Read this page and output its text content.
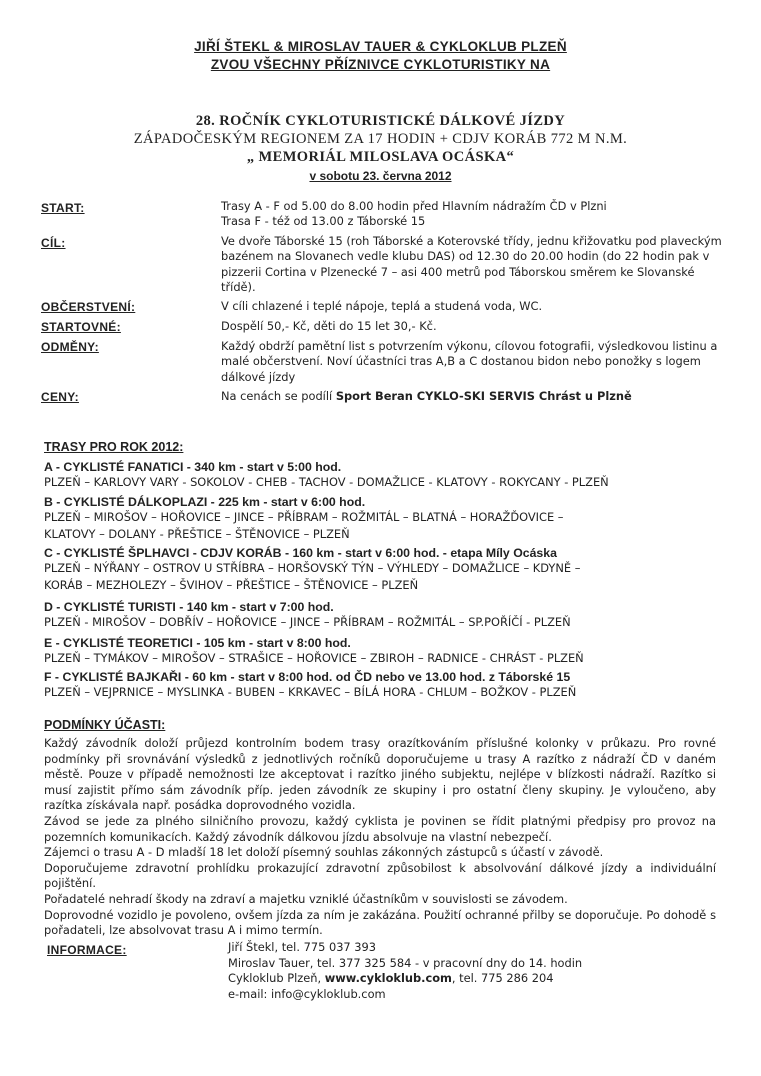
JIŘÍ ŠTEKL & MIROSLAV TAUER & CYKLOKLUB PLZEŇ
ZVOU VŠECHNY PŘÍZNIVCE CYKLOTURISTIKY NA
28. ROČNÍK CYKLOTURISTICKÉ DÁLKOVÉ JÍZDY
ZÁPADOČESKÝM REGIONEM ZA 17 HODIN + CDJV KORÁB 772 M N.M.
„ MEMORIÁL MILOSLAVA OCÁSKA“
v sobotu 23. června 2012
START:	Trasy A - F od 5.00 do 8.00 hodin před Hlavním nádražím ČD v Plzni
Trasa F - též od 13.00 z Táborské 15
CÍL:	Ve dvoře Táborské 15 (roh Táborské a Koterovské třídy, jednu křižovatku pod plaveckým bazénem na Slovanech vedle klubu DAS) od 12.30 do 20.00 hodin (do 22 hodin pak v pizzerii Cortina v Plzenecké 7 – asi 400 metrů pod Táborskou směrem ke Slovanské třídě).
OBČERSTVENÍ:	V cíli chlazené i teplé nápoje, teplá a studená voda, WC.
STARTOVNÉ:	Dospělí 50,- Kč, děti do 15 let 30,- Kč.
ODMĚNY:	Každý obdrží pamětní list s potvrzením výkonu, cílovou fotografii, výsledkovou listinu a malé občerstvení. Noví účastníci tras A,B a C dostanou bidon nebo ponožky s logem dálkové jízdy
CENY:	Na cenách se podílí Sport Beran CYKLO-SKI SERVIS Chrást u Plzně
TRASY PRO ROK 2012:
A - CYKLISTÉ FANATICI - 340 km - start v 5:00 hod.
PLZEŇ – KARLOVY VARY - SOKOLOV - CHEB - TACHOV - DOMAŽLICE - KLATOVY - ROKYCANY - PLZEŇ
B - CYKLISTÉ DÁLKOPLAZI - 225 km - start v 6:00 hod.
PLZEŇ – MIROŠOV – HOŘOVICE – JINCE – PŘÍBRAM – ROŽMITÁL – BLATNÁ – HORAŽĎOVICE –
KLATOVY – DOLANY - PŘEŠTICE – ŠTĚNOVICE – PLZEŇ
C - CYKLISTÉ ŠPLHAVCI - CDJV KORÁB - 160 km - start v 6:00 hod. - etapa Míly Ocáska
PLZEŇ – NÝŘANY – OSTROV U STŘÍBRA – HORŠOVSKÝ TÝN – VÝHLEDY – DOMAŽLICE – KDYNĚ –
KORÁB – MEZHOLEZY – ŠVIHOV – PŘEŠTICE – ŠTĚNOVICE – PLZEŇ
D - CYKLISTÉ TURISTI - 140 km - start v 7:00 hod.
PLZEŇ - MIROŠOV – DOBŘÍV – HOŘOVICE – JINCE – PŘÍBRAM – ROŽMITÁL – SP.POŘÍČÍ - PLZEŇ
E - CYKLISTÉ TEORETICI - 105 km - start v 8:00 hod.
PLZEŇ – TYMÁKOV – MIROŠOV – STRAŠICE – HOŘOVICE – ZBIROH – RADNICE - CHRÁST - PLZEŇ
F - CYKLISTÉ BAJKAŘI - 60 km - start v 8:00 hod. od ČD nebo ve 13.00 hod. z Táborské 15
PLZEŇ – VEJPRNICE – MYSLINKA - BUBEN – KRKAVEC – BÍLÁ HORA - CHLUM – BOŽKOV - PLZEŇ
PODMÍNKY ÚČASTI:
Každý závodník doloží průjezd kontrolním bodem trasy orazítkováním příslušné kolonky v průkazu. Pro rovné podmínky při srovnávání výsledků z jednotlivých ročníků doporučujeme u trasy A razítko z nádraží ČD v daném městě. Pouze v případě nemožnosti lze akceptovat i razítko jiného subjektu, nejlépe v blízkosti nádraží. Razítko si musí zajistit přímo sám závodník příp. jeden závodník ze skupiny i pro ostatní členy skupiny. Je vyloučeno, aby razítka získávala např. posádka doprovodného vozidla.
Závod se jede za plného silničního provozu, každý cyklista je povinen se řídit platnými předpisy pro provoz na pozemních komunikacích. Každý závodník dálkovou jízdu absolvuje na vlastní nebezpečí.
Zájemci o trasu A - D mladší 18 let doloží písemný souhlas zákonných zástupců s účastí v závodě.
Doporučujeme zdravotní prohlídku prokazující zdravotní způsobilost k absolvování dálkové jízdy a individuální pojištění.
Pořadatelé nehradí škody na zdraví a majetku vzniklé účastníkům v souvislosti se závodem.
Doprovodné vozidlo je povoleno, ovšem jízda za ním je zakázána. Použití ochranné přilby se doporučuje. Po dohodě s pořadateli, lze absolvovat trasu A i mimo termín.
INFORMACE:	Jiří Štekl, tel. 775 037 393
Miroslav Tauer, tel. 377 325 584 - v pracovní dny do 14. hodin
Cykloklub Plzeň, www.cykloklub.com, tel. 775 286 204
e-mail: info@cykloklub.com
